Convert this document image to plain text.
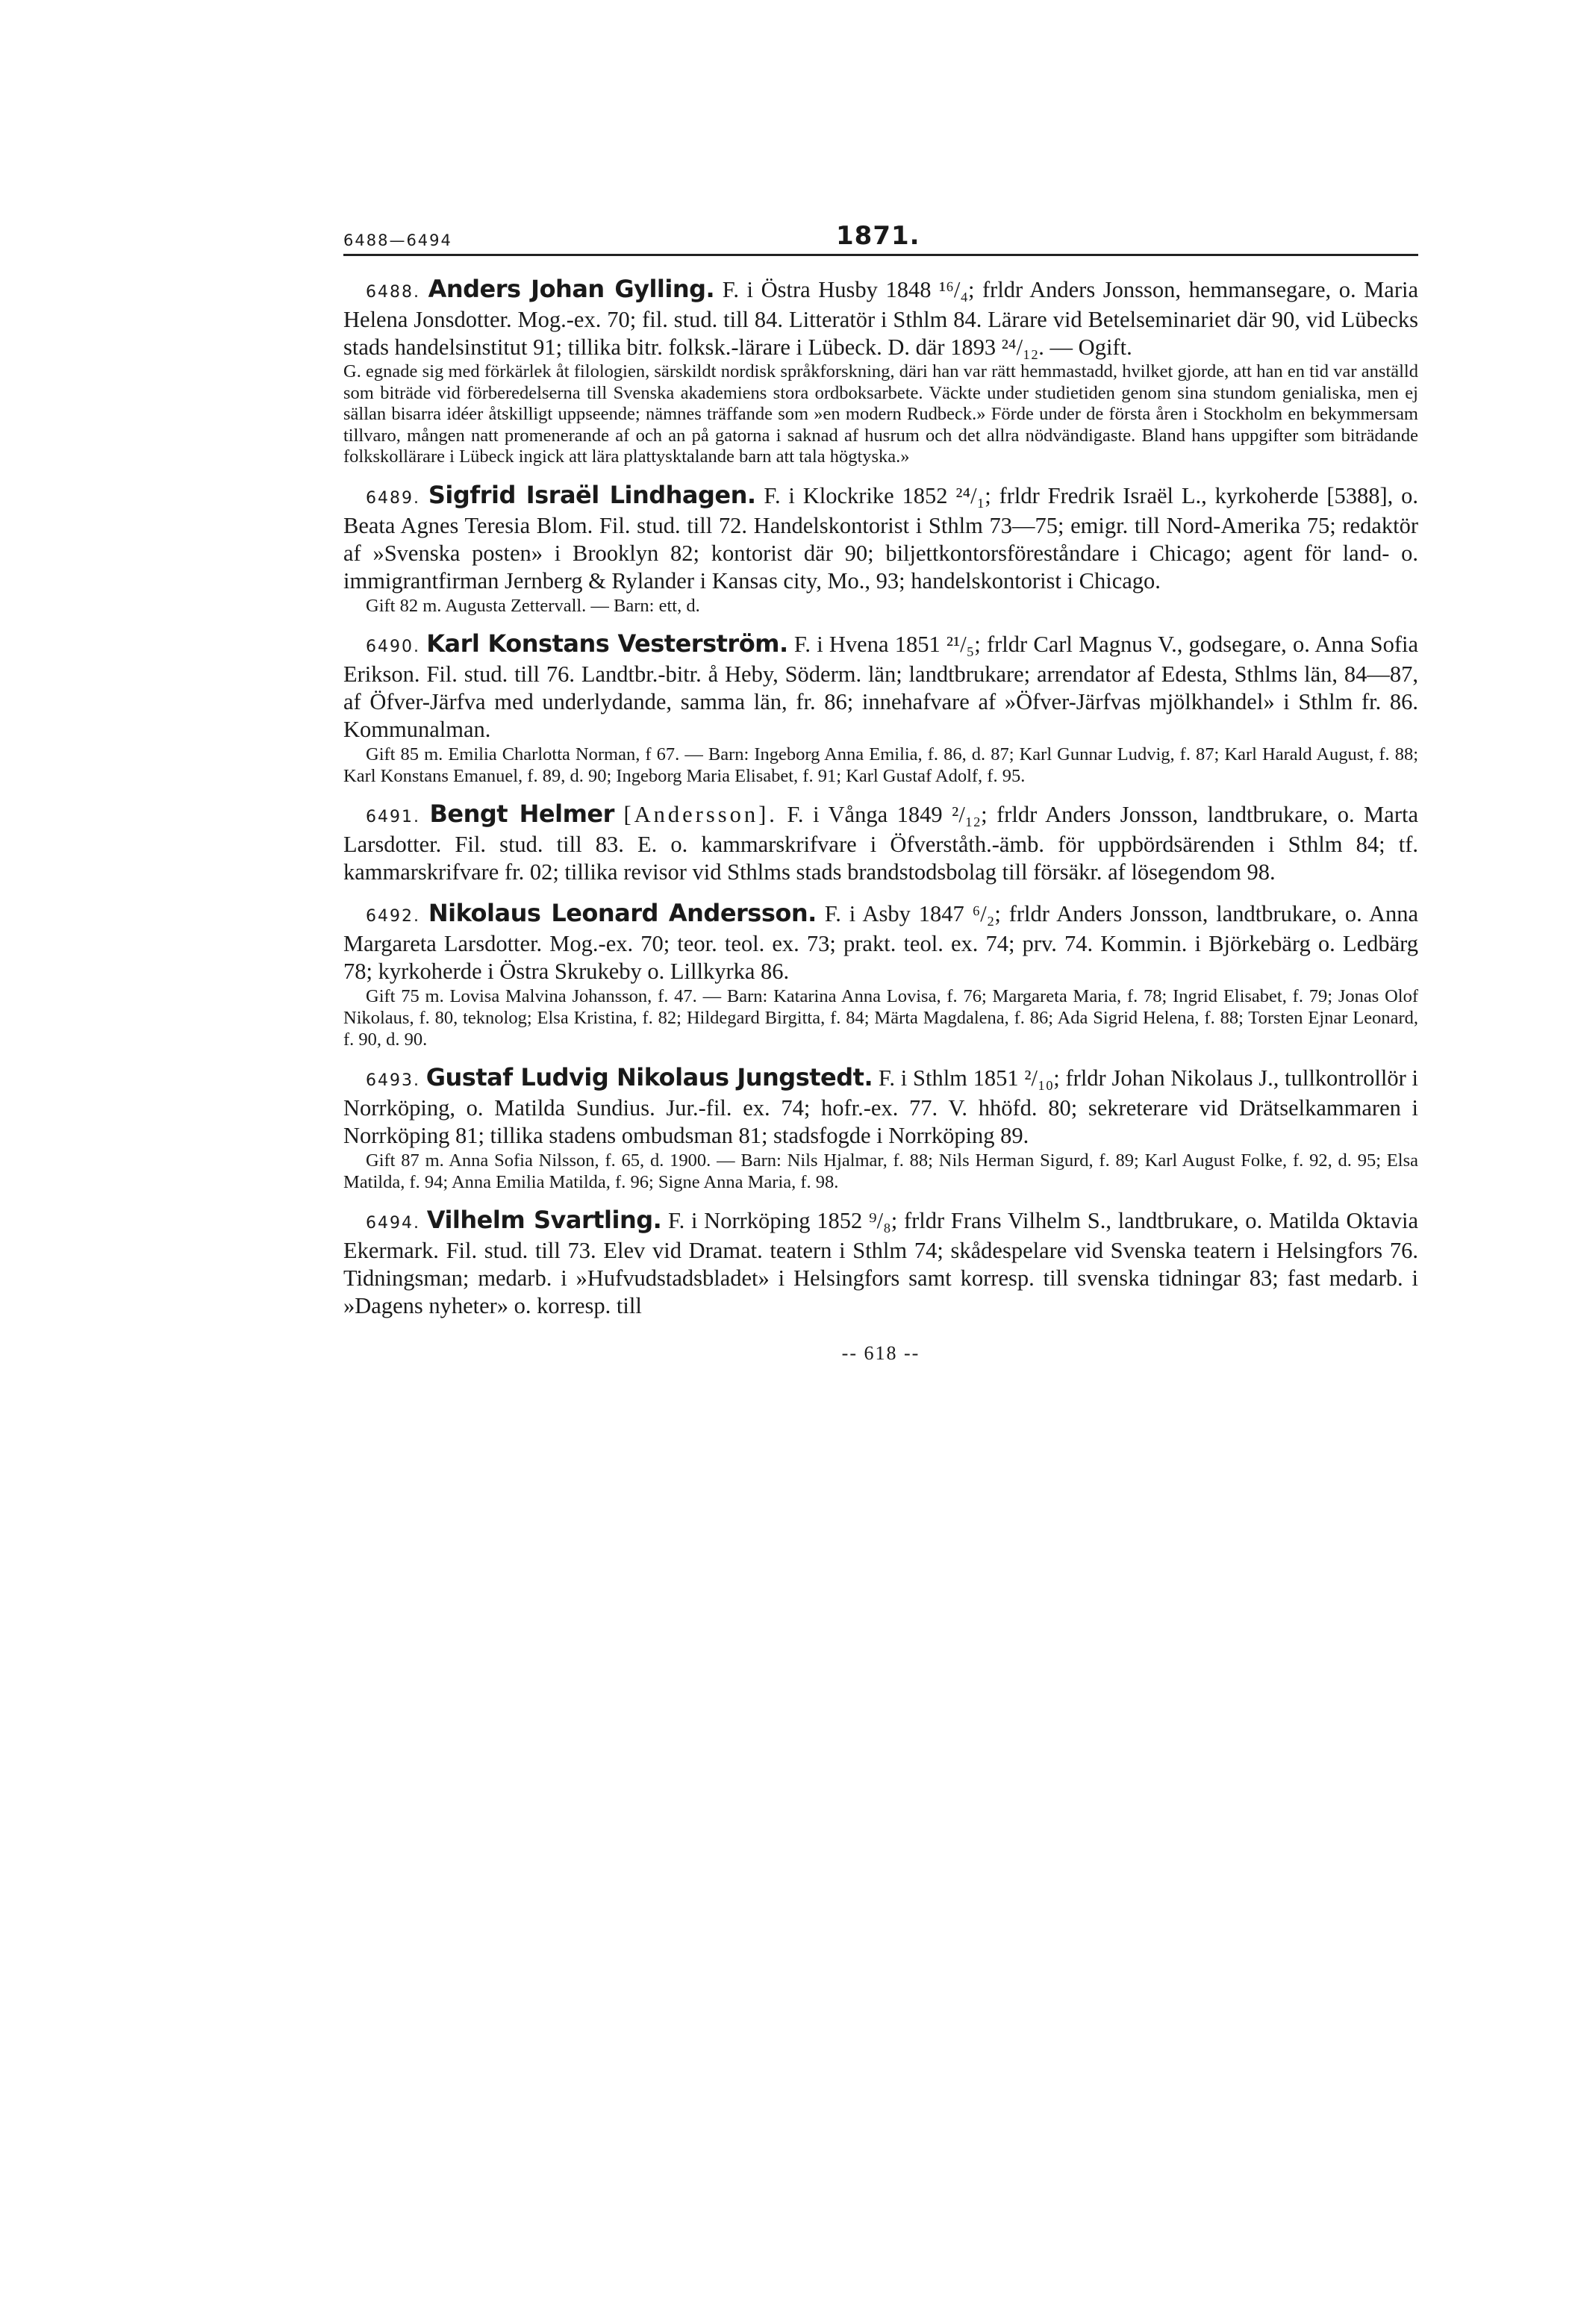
6488—6494	1871.

6488. Anders Johan Gylling. F. i Östra Husby 1848 ¹⁶/₄; frldr Anders Jonsson, hemmansegare, o. Maria Helena Jonsdotter. Mog.-ex. 70; fil. stud. till 84. Litteratör i Sthlm 84. Lärare vid Betelseminariet där 90, vid Lübecks stads handelsinstitut 91; tillika bitr. folksk.-lärare i Lübeck. D. där 1893 ²⁴/₁₂. — Ogift.

G. egnade sig med förkärlek åt filologien, särskildt nordisk språkforskning, däri han var rätt hemmastadd, hvilket gjorde, att han en tid var anställd som biträde vid förberedelserna till Svenska akademiens stora ordboksarbete. Väckte under studietiden genom sina stundom genialiska, men ej sällan bisarra idéer åtskilligt uppseende; nämnes träffande som »en modern Rudbeck.» Förde under de första åren i Stockholm en bekymmersam tillvaro, mången natt promenerande af och an på gatorna i saknad af husrum och det allra nödvändigaste. Bland hans uppgifter som biträdande folkskollärare i Lübeck ingick att lära plattysktalande barn att tala högtyska.»

6489. Sigfrid Israël Lindhagen. F. i Klockrike 1852 ²⁴/₁; frldr Fredrik Israël L., kyrkoherde [5388], o. Beata Agnes Teresia Blom. Fil. stud. till 72. Handelskontorist i Sthlm 73—75; emigr. till Nord-Amerika 75; redaktör af »Svenska posten» i Brooklyn 82; kontorist där 90; biljettkontorsföreståndare i Chicago; agent för land- o. immigrantfirman Jernberg & Rylander i Kansas city, Mo., 93; handelskontorist i Chicago.

Gift 82 m. Augusta Zettervall. — Barn: ett, d.

6490. Karl Konstans Vesterström. F. i Hvena 1851 ²¹/₅; frldr Carl Magnus V., godsegare, o. Anna Sofia Erikson. Fil. stud. till 76. Landtbr.-bitr. å Heby, Söderm. län; landtbrukare; arrendator af Edesta, Sthlms län, 84—87, af Öfver-Järfva med underlydande, samma län, fr. 86; innehafvare af »Öfver-Järfvas mjölkhandel» i Sthlm fr. 86. Kommunalman.

Gift 85 m. Emilia Charlotta Norman, f 67. — Barn: Ingeborg Anna Emilia, f. 86, d. 87; Karl Gunnar Ludvig, f. 87; Karl Harald August, f. 88; Karl Konstans Emanuel, f. 89, d. 90; Ingeborg Maria Elisabet, f. 91; Karl Gustaf Adolf, f. 95.

6491. Bengt Helmer [Andersson]. F. i Vånga 1849 ²/₁₂; frldr Anders Jonsson, landtbrukare, o. Marta Larsdotter. Fil. stud. till 83. E. o. kammarskrifvare i Öfverståth.-ämb. för uppbördsärenden i Sthlm 84; tf. kammarskrifvare fr. 02; tillika revisor vid Sthlms stads brandstodsbolag till försäkr. af lösegendom 98.

6492. Nikolaus Leonard Andersson. F. i Asby 1847 ⁶/₂; frldr Anders Jonsson, landtbrukare, o. Anna Margareta Larsdotter. Mog.-ex. 70; teor. teol. ex. 73; prakt. teol. ex. 74; prv. 74. Kommin. i Björkebärg o. Ledbärg 78; kyrkoherde i Östra Skrukeby o. Lillkyrka 86.

Gift 75 m. Lovisa Malvina Johansson, f. 47. — Barn: Katarina Anna Lovisa, f. 76; Margareta Maria, f. 78; Ingrid Elisabet, f. 79; Jonas Olof Nikolaus, f. 80, teknolog; Elsa Kristina, f. 82; Hildegard Birgitta, f. 84; Märta Magdalena, f. 86; Ada Sigrid Helena, f. 88; Torsten Ejnar Leonard, f. 90, d. 90.

6493. Gustaf Ludvig Nikolaus Jungstedt. F. i Sthlm 1851 ²/₁₀; frldr Johan Nikolaus J., tullkontrollör i Norrköping, o. Matilda Sundius. Jur.-fil. ex. 74; hofr.-ex. 77. V. hhöfd. 80; sekreterare vid Drätselkammaren i Norrköping 81; tillika stadens ombudsman 81; stadsfogde i Norrköping 89.

Gift 87 m. Anna Sofia Nilsson, f. 65, d. 1900. — Barn: Nils Hjalmar, f. 88; Nils Herman Sigurd, f. 89; Karl August Folke, f. 92, d. 95; Elsa Matilda, f. 94; Anna Emilia Matilda, f. 96; Signe Anna Maria, f. 98.

6494. Vilhelm Svartling. F. i Norrköping 1852 ⁹/₈; frldr Frans Vilhelm S., landtbrukare, o. Matilda Oktavia Ekermark. Fil. stud. till 73. Elev vid Dramat. teatern i Sthlm 74; skådespelare vid Svenska teatern i Helsingfors 76. Tidningsman; medarb. i »Hufvudstadsbladet» i Helsingfors samt korresp. till svenska tidningar 83; fast medarb. i »Dagens nyheter» o. korresp. till

-- 618 --
